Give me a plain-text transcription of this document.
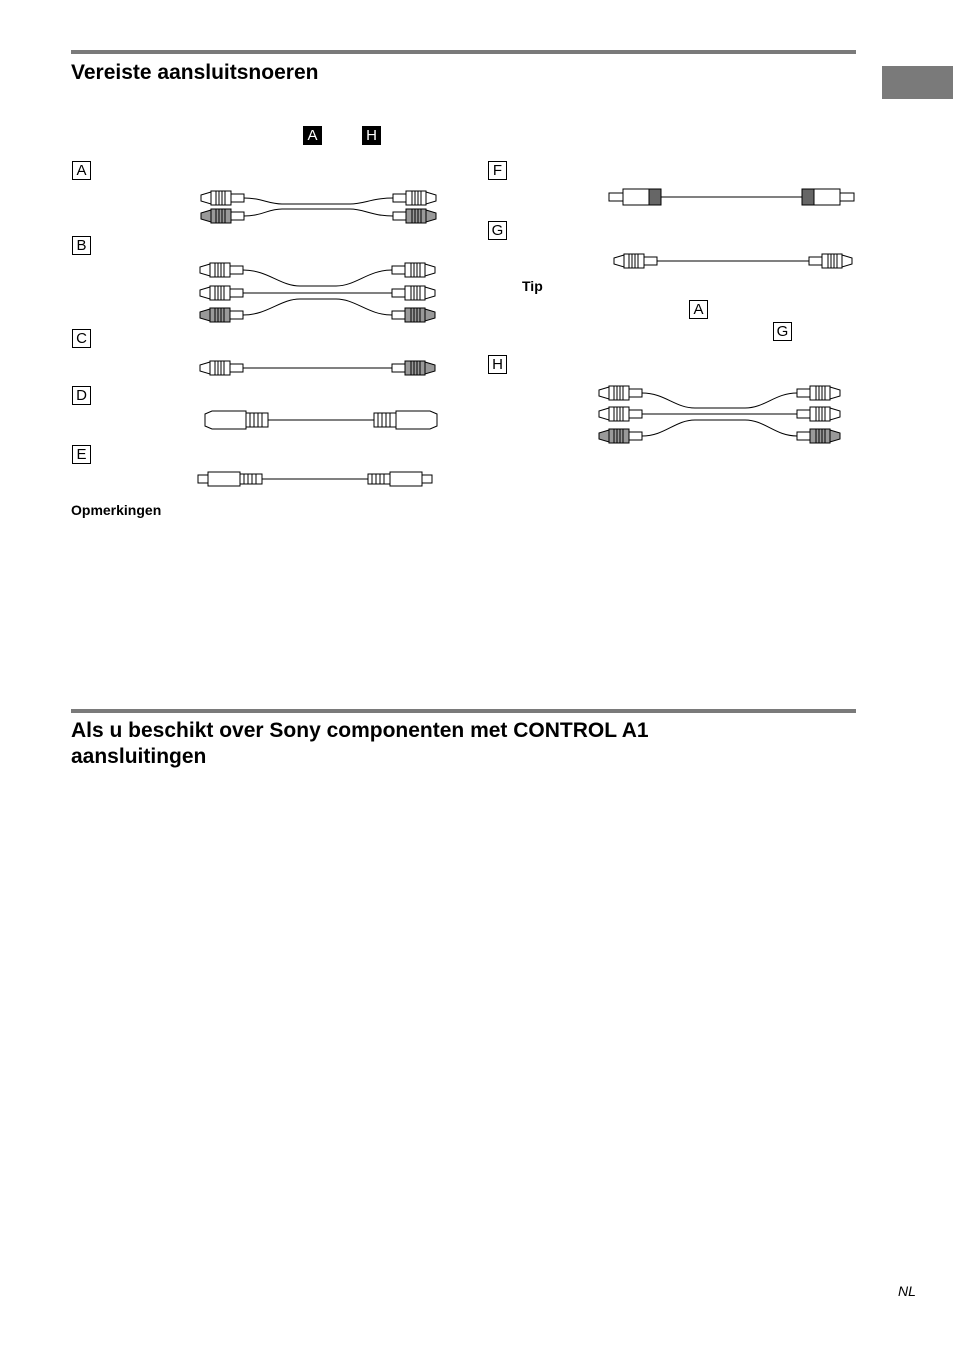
Vereiste aansluitsnoeren
A	H
A
B
C
D
E
F
G
H
Opmerkingen
Tip
A
G
Als u beschikt over Sony componenten met CONTROL A1
aansluitingen
NL
